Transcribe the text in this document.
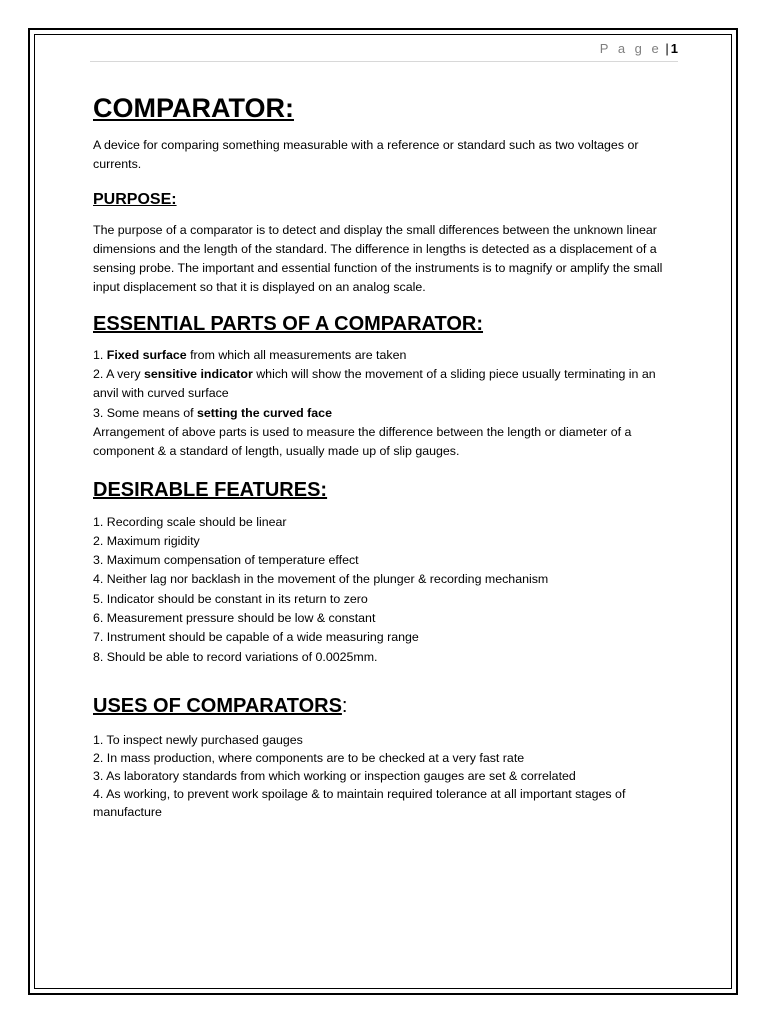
P a g e | 1
COMPARATOR:

A device for comparing something measurable with a reference or standard such as two voltages or currents.

PURPOSE:

The purpose of a comparator is to detect and display the small differences between the unknown linear dimensions and the length of the standard. The difference in lengths is detected as a displacement of a sensing probe. The important and essential function of the instruments is to magnify or amplify the small input displacement so that it is displayed on an analog scale.

ESSENTIAL PARTS OF A COMPARATOR:

1. Fixed surface from which all measurements are taken

2. A very sensitive indicator which will show the movement of a sliding piece usually terminating in an anvil with curved surface

3. Some means of setting the curved face

Arrangement of above parts is used to measure the difference between the length or diameter of a component & a standard of length, usually made up of slip gauges.

DESIRABLE FEATURES:

1. Recording scale should be linear

2. Maximum rigidity

3. Maximum compensation of temperature effect

4. Neither lag nor backlash in the movement of the plunger & recording mechanism

5. Indicator should be constant in its return to zero

6. Measurement pressure should be low & constant

7. Instrument should be capable of a wide measuring range

8. Should be able to record variations of 0.0025mm.

USES OF COMPARATORS:

1. To inspect newly purchased gauges

2. In mass production, where components are to be checked at a very fast rate

3. As laboratory standards from which working or inspection gauges are set & correlated

4. As working, to prevent work spoilage & to maintain required tolerance at all important stages of manufacture
